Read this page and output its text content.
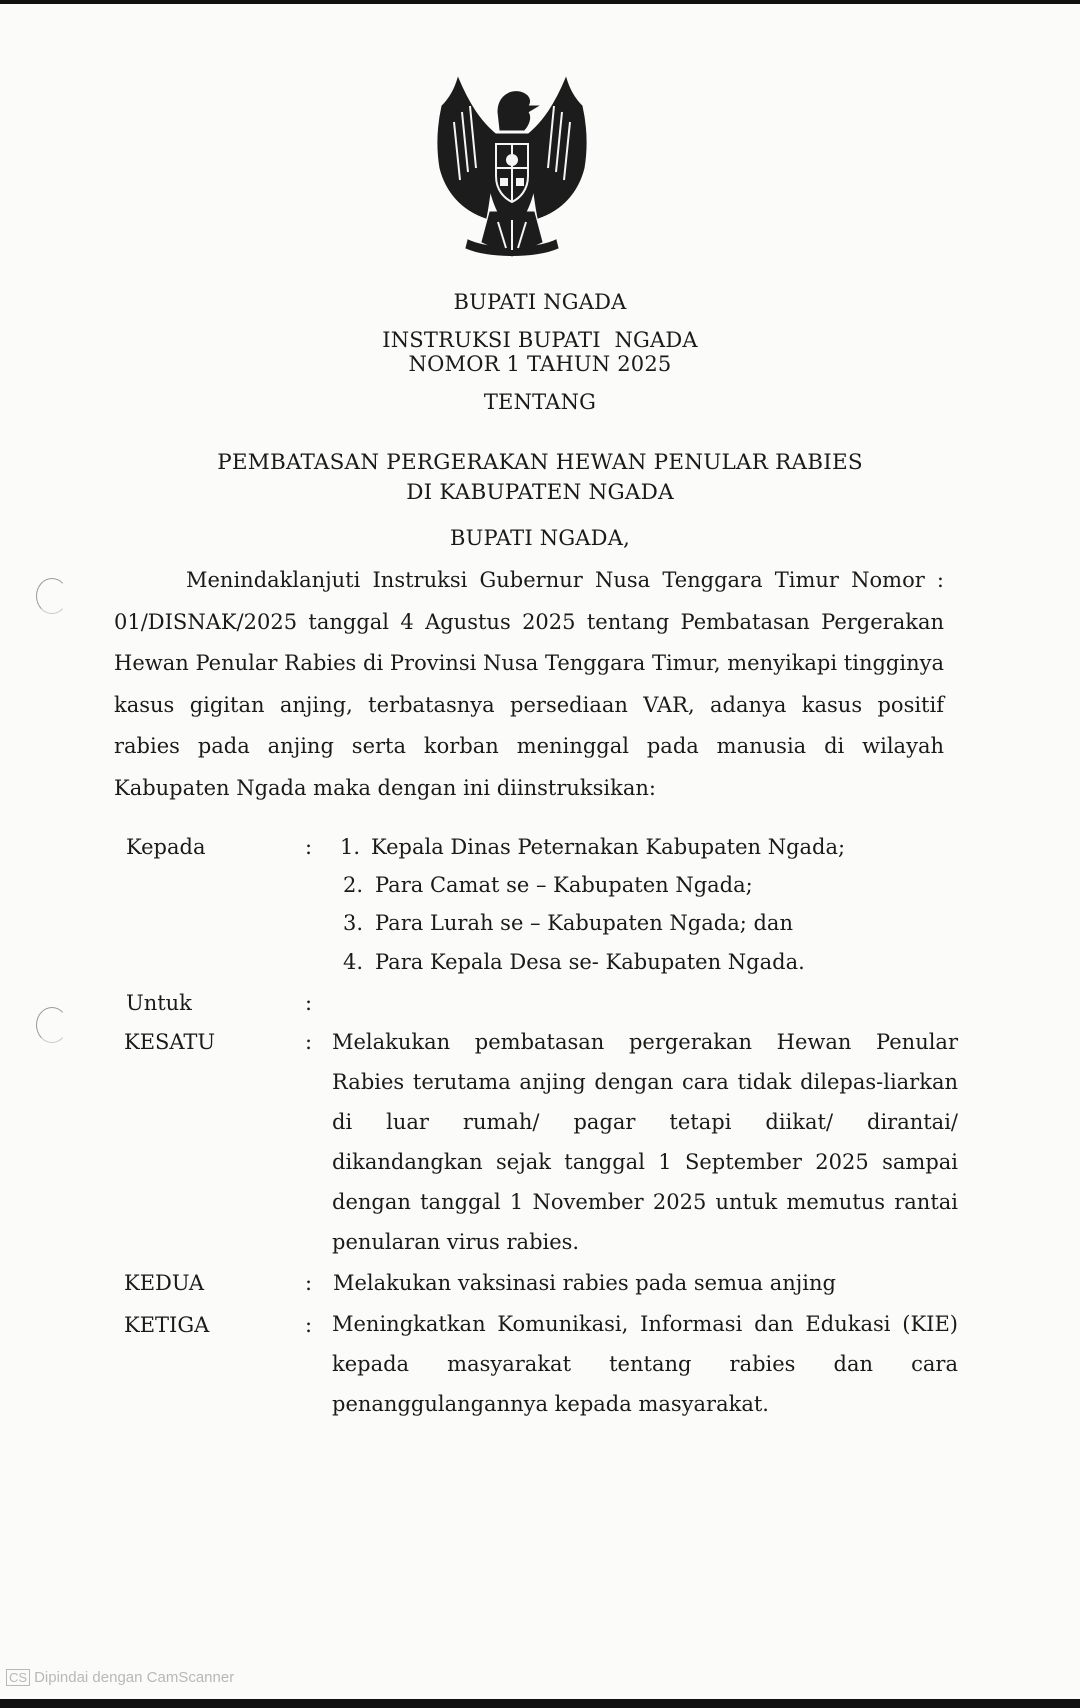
BUPATI NGADA
INSTRUKSI BUPATI  NGADA
NOMOR 1 TAHUN 2025
TENTANG
PEMBATASAN PERGERAKAN HEWAN PENULAR RABIES
DI KABUPATEN NGADA
BUPATI NGADA,
Menindaklanjuti Instruksi Gubernur Nusa Tenggara Timur Nomor :
01/DISNAK/2025 tanggal 4 Agustus 2025 tentang Pembatasan Pergerakan
Hewan Penular Rabies di Provinsi Nusa Tenggara Timur, menyikapi tingginya
kasus gigitan anjing, terbatasnya persediaan VAR, adanya kasus positif
rabies pada anjing serta korban meninggal pada manusia di wilayah
Kabupaten Ngada maka dengan ini diinstruksikan:
Kepada	: 1. Kepala Dinas Peternakan Kabupaten Ngada;
2. Para Camat se – Kabupaten Ngada;
3. Para Lurah se – Kabupaten Ngada; dan
4. Para Kepala Desa se- Kabupaten Ngada.
Untuk	:
KESATU	: Melakukan pembatasan pergerakan Hewan Penular
Rabies terutama anjing dengan cara tidak dilepas-liarkan
di luar rumah/ pagar tetapi diikat/ dirantai/
dikandangkan sejak tanggal 1 September 2025 sampai
dengan tanggal 1 November 2025 untuk memutus rantai
penularan virus rabies.
KEDUA	: Melakukan vaksinasi rabies pada semua anjing
KETIGA	: Meningkatkan Komunikasi, Informasi dan Edukasi (KIE)
kepada masyarakat tentang rabies dan cara
penanggulangannya kepada masyarakat.
CS Dipindai dengan CamScanner
